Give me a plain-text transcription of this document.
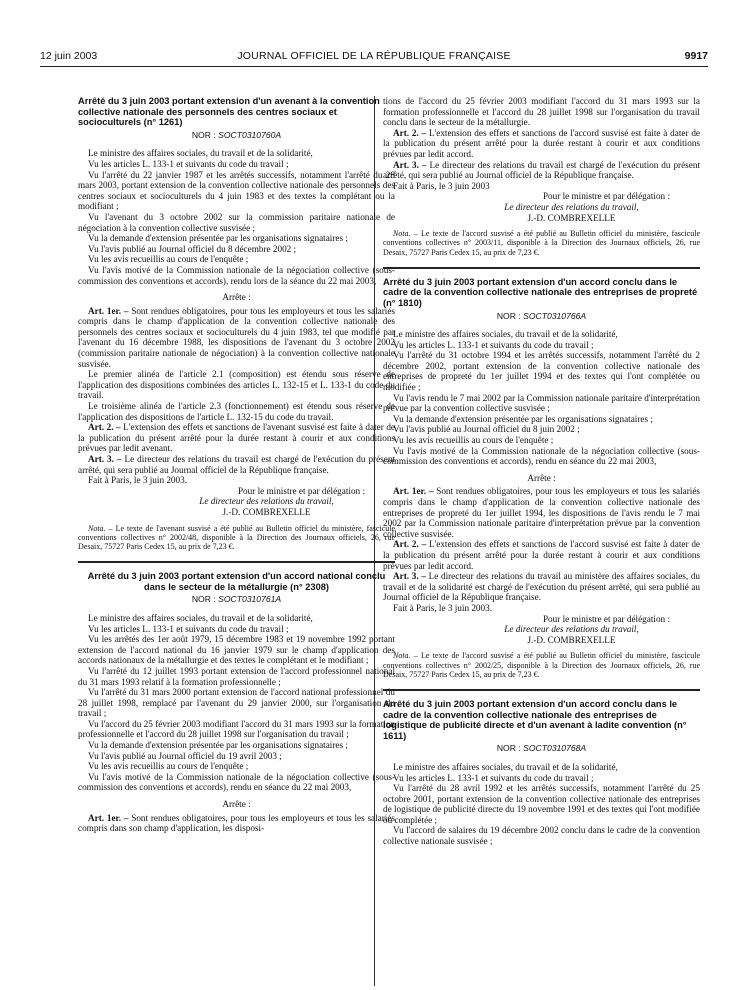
12 juin 2003	JOURNAL OFFICIEL DE LA RÉPUBLIQUE FRANÇAISE	9917
Arrêté du 3 juin 2003 portant extension d'un avenant à la convention collective nationale des personnels des centres sociaux et socioculturels (n° 1261)
NOR : SOCT0310760A

Le ministre des affaires sociales, du travail et de la solidarité,

Vu les articles L. 133-1 et suivants du code du travail ;

Vu l'arrêté du 22 janvier 1987 et les arrêtés successifs, notamment l'arrêté du 28 mars 2003, portant extension de la convention collective nationale des personnels des centres sociaux et socioculturels du 4 juin 1983 et des textes la complétant ou la modifiant ;

Vu l'avenant du 3 octobre 2002 sur la commission paritaire nationale de négociation à la convention collective susvisée ;

Vu la demande d'extension présentée par les organisations signataires ;

Vu l'avis publié au Journal officiel du 8 décembre 2002 ;

Vu les avis recueillis au cours de l'enquête ;

Vu l'avis motivé de la Commission nationale de la négociation collective (sous-commission des conventions et accords), rendu lors de la séance du 22 mai 2003,

Arrête :

Art. 1er. – Sont rendues obligatoires, pour tous les employeurs et tous les salariés compris dans le champ d'application de la convention collective nationale des personnels des centres sociaux et socioculturels du 4 juin 1983, tel que modifié par l'avenant du 16 décembre 1988, les dispositions de l'avenant du 3 octobre 2002 (commission paritaire nationale de négociation) à la convention collective nationale susvisée.

Le premier alinéa de l'article 2.1 (composition) est étendu sous réserve de l'application des dispositions combinées des articles L. 132-15 et L. 133-1 du code du travail.

Le troisième alinéa de l'article 2.3 (fonctionnement) est étendu sous réserve de l'application des dispositions de l'article L. 132-15 du code du travail.

Art. 2. – L'extension des effets et sanctions de l'avenant susvisé est faite à dater de la publication du présent arrêté pour la durée restant à courir et aux conditions prévues par ledit avenant.

Art. 3. – Le directeur des relations du travail est chargé de l'exécution du présent arrêté, qui sera publié au Journal officiel de la République française.

Fait à Paris, le 3 juin 2003.

Pour le ministre et par délégation :

Le directeur des relations du travail,

J.-D. COMBREXELLE

Nota. – Le texte de l'avenant susvisé a été publié au Bulletin officiel du ministère, fascicule conventions collectives n° 2002/48, disponible à la Direction des Journaux officiels, 26, rue Desaix, 75727 Paris Cedex 15, au prix de 7,23 €.

Arrêté du 3 juin 2003 portant extension d'un accord national conclu dans le secteur de la métallurgie (n° 2308)
NOR : SOCT0310761A

Le ministre des affaires sociales, du travail et de la solidarité,

Vu les articles L. 133-1 et suivants du code du travail ;

Vu les arrêtés des 1er août 1979, 15 décembre 1983 et 19 novembre 1992 portant extension de l'accord national du 16 janvier 1979 sur le champ d'application des accords nationaux de la métallurgie et des textes le complétant et le modifiant ;

Vu l'arrêté du 12 juillet 1993 portant extension de l'accord professionnel national du 31 mars 1993 relatif à la formation professionnelle ;

Vu l'arrêté du 31 mars 2000 portant extension de l'accord national professionnel du 28 juillet 1998, remplacé par l'avenant du 29 janvier 2000, sur l'organisation du travail ;

Vu l'accord du 25 février 2003 modifiant l'accord du 31 mars 1993 sur la formation professionnelle et l'accord du 28 juillet 1998 sur l'organisation du travail ;

Vu la demande d'extension présentée par les organisations signataires ;

Vu l'avis publié au Journal officiel du 19 avril 2003 ;

Vu les avis recueillis au cours de l'enquête ;

Vu l'avis motivé de la Commission nationale de la négociation collective (sous-commission des conventions et accords), rendu en séance du 22 mai 2003,

Arrête :

Art. 1er. – Sont rendues obligatoires, pour tous les employeurs et tous les salariés compris dans son champ d'application, les disposi-

tions de l'accord du 25 février 2003 modifiant l'accord du 31 mars 1993 sur la formation professionnelle et l'accord du 28 juillet 1998 sur l'organisation du travail conclu dans le secteur de la métallurgie.

Art. 2. – L'extension des effets et sanctions de l'accord susvisé est faite à dater de la publication du présent arrêté pour la durée restant à courir et aux conditions prévues par ledit accord.

Art. 3. – Le directeur des relations du travail est chargé de l'exécution du présent arrêté, qui sera publié au Journal officiel de la République française.

Fait à Paris, le 3 juin 2003

Pour le ministre et par délégation :

Le directeur des relations du travail,

J.-D. COMBREXELLE

Nota. – Le texte de l'accord susvisé a été publié au Bulletin officiel du ministère, fascicule conventions collectives n° 2003/11, disponible à la Direction des Journaux officiels, 26, rue Desaix, 75727 Paris Cedex 15, au prix de 7,23 €.

Arrêté du 3 juin 2003 portant extension d'un accord conclu dans le cadre de la convention collective nationale des entreprises de propreté (n° 1810)
NOR : SOCT0310766A

Le ministre des affaires sociales, du travail et de la solidarité,

Vu les articles L. 133-1 et suivants du code du travail ;

Vu l'arrêté du 31 octobre 1994 et les arrêtés successifs, notamment l'arrêté du 2 décembre 2002, portant extension de la convention collective nationale des entreprises de propreté du 1er juillet 1994 et des textes qui l'ont complétée ou modifiée ;

Vu l'avis rendu le 7 mai 2002 par la Commission nationale paritaire d'interprétation prévue par la convention collective susvisée ;

Vu la demande d'extension présentée par les organisations signataires ;

Vu l'avis publié au Journal officiel du 8 juin 2002 ;

Vu les avis recueillis au cours de l'enquête ;

Vu l'avis motivé de la Commission nationale de la négociation collective (sous-commission des conventions et accords), rendu en séance du 22 mai 2003,

Arrête :

Art. 1er. – Sont rendues obligatoires, pour tous les employeurs et tous les salariés compris dans le champ d'application de la convention collective nationale des entreprises de propreté du 1er juillet 1994, les dispositions de l'avis rendu le 7 mai 2002 par la Commission nationale paritaire d'interprétation prévue par la convention collective susvisée.

Art. 2. – L'extension des effets et sanctions de l'accord susvisé est faite à dater de la publication du présent arrêté pour la durée restant à courir et aux conditions prévues par ledit accord.

Art. 3. – Le directeur des relations du travail au ministère des affaires sociales, du travail et de la solidarité est chargé de l'exécution du présent arrêté, qui sera publié au Journal officiel de la République française.

Fait à Paris, le 3 juin 2003.

Pour le ministre et par délégation :

Le directeur des relations du travail,

J.-D. COMBREXELLE

Nota. – Le texte de l'accord susvisé a été publié au Bulletin officiel du ministère, fascicule conventions collectives n° 2002/25, disponible à la Direction des Journaux officiels, 26, rue Desaix, 75727 Paris Cedex 15, au prix de 7,23 €.

Arrêté du 3 juin 2003 portant extension d'un accord conclu dans le cadre de la convention collective nationale des entreprises de logistique de publicité directe et d'un avenant à ladite convention (n° 1611)
NOR : SOCT0310768A

Le ministre des affaires sociales, du travail et de la solidarité,

Vu les articles L. 133-1 et suivants du code du travail ;

Vu l'arrêté du 28 avril 1992 et les arrêtés successifs, notamment l'arrêté du 25 octobre 2001, portant extension de la convention collective nationale des entreprises de logistique de publicité directe du 19 novembre 1991 et des textes qui l'ont modifiée ou complétée ;

Vu l'accord de salaires du 19 décembre 2002 conclu dans le cadre de la convention collective nationale susvisée ;
